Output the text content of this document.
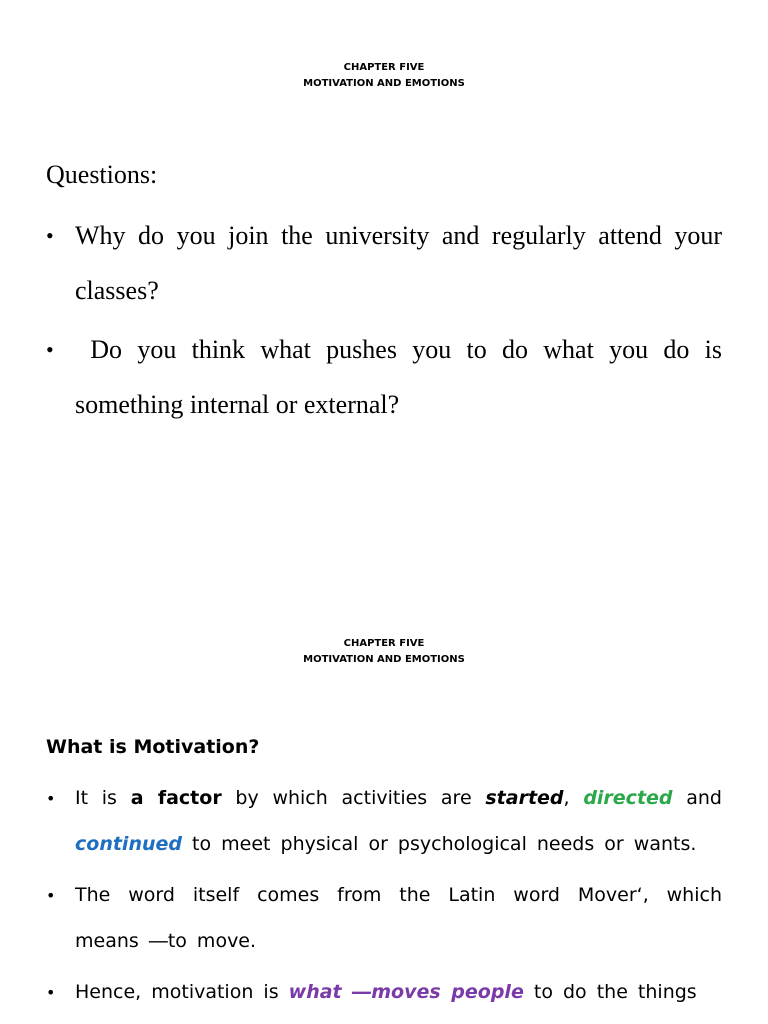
CHAPTER FIVE
MOTIVATION AND EMOTIONS
Questions:
• Why do you join the university and regularly attend your classes?
• Do you think what pushes you to do what you do is something internal or external?
CHAPTER FIVE
MOTIVATION AND EMOTIONS
What is Motivation?
• It is a factor by which activities are started, directed and continued to meet physical or psychological needs or wants.
• The word itself comes from the Latin word Mover‘, which means ―to move.
• Hence, motivation is what ―moves people to do the things
